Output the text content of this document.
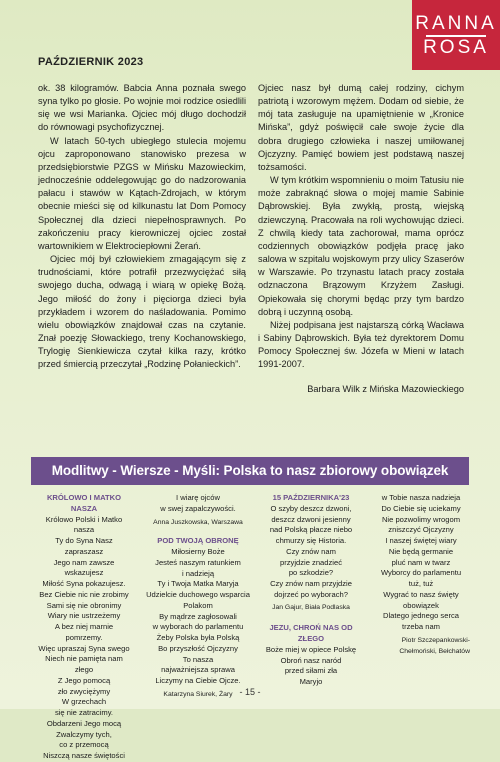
PAŹDZIERNIK 2023
RANNA
ROSA

ok. 38 kilogramów. Babcia Anna poznała swego syna tylko po głosie. Po wojnie moi rodzice osiedlili się we wsi Marianka. Ojciec mój długo dochodził do równowagi psychofizycznej.

W latach 50-tych ubiegłego stulecia mojemu ojcu zaproponowano stanowisko prezesa w przedsiębiorstwie PZGS w Mińsku Mazowieckim, jednocześnie oddelegowując go do nadzorowania pałacu i stawów w Kątach-Zdrojach, w którym obecnie mieści się od kilkunastu lat Dom Pomocy Społecznej dla dzieci niepełnosprawnych. Po zakończeniu pracy kierowniczej ojciec został wartownikiem w Elektrociepłowni Żerań.

Ojciec mój był człowiekiem zmagającym się z trudnościami, które potrafił przezwyciężać siłą swojego ducha, odwagą i wiarą w opiekę Bożą. Jego miłość do żony i pięciorga dzieci była przykładem i wzorem do naśladowania. Pomimo wielu obowiązków znajdował czas na czytanie. Znał poezję Słowackiego, treny Kochanowskiego, Trylogię Sienkiewicza czytał kilka razy, krótko przed śmiercią przeczytał „Rodzinę Połanieckich”.

Ojciec nasz był dumą całej rodziny, cichym patriotą i wzorowym mężem. Dodam od siebie, że mój tata zasługuje na upamiętnienie w „Kronice Mińska”, gdyż poświęcił całe swoje życie dla dobra drugiego człowieka i naszej umiłowanej Ojczyzny. Pamięć bowiem jest podstawą naszej tożsamości.

W tym krótkim wspomnieniu o moim Tatusiu nie może zabraknąć słowa o mojej mamie Sabinie Dąbrowskiej. Była zwykłą, prostą, wiejską dziewczyną. Pracowała na roli wychowując dzieci. Z chwilą kiedy tata zachorował, mama oprócz codziennych obowiązków podjęła pracę jako salowa w szpitalu wojskowym przy ulicy Szaserów w Warszawie. Po trzynastu latach pracy została odznaczona Brązowym Krzyżem Zasługi. Opiekowała się chorymi będąc przy tym bardzo dobrą i uczynną osobą.

Niżej podpisana jest najstarszą córką Wacława i Sabiny Dąbrowskich. Była też dyrektorem Domu Pomocy Społecznej św. Józefa w Mieni w latach 1991-2007.

Barbara Wilk z Mińska Mazowieckiego

Modlitwy - Wiersze - Myśli: Polska to nasz zbiorowy obowiązek

KRÓLOWO I MATKO NASZA

Królowo Polski i Matko nasza

Ty do Syna Nasz zapraszasz

Jego nam zawsze wskazujesz

Miłość Syna pokazujesz.

Bez Ciebie nic nie zrobimy

Sami się nie obronimy

Wiary nie ustrzeżemy

A bez niej marnie pomrzemy.

Więc upraszaj Syna swego

Niech nie pamięta nam złego

Z Jego pomocą

zło zwyciężymy

W grzechach

się nie zatracimy.

Obdarzeni Jego mocą

Zwalczymy tych,

co z przemocą

Niszczą nasze świętości

I wiarę ojców

w swej zapalczywości.

Anna Juszkowska, Warszawa

POD TWOJĄ OBRONĘ

Miłosierny Boże

Jesteś naszym ratunkiem

i nadzieją

Ty i Twoja Matka Maryja

Udzielcie duchowego wsparcia

Polakom

By mądrze zagłosowali

w wyborach do parlamentu

Żeby Polska była Polską

Bo przyszłość Ojczyzny

To nasza

najważniejsza sprawa

Liczymy na Ciebie Ojcze.

Katarzyna Siurek, Żary

15 PAŹDZIERNIKA'23

O szyby deszcz dzwoni,

deszcz dzwoni jesienny

nad Polską płacze niebo

chmurzy się Historia.

Czy znów nam

przyjdzie znadzieć

po szkodzie?

Czy znów nam przyjdzie

dojrzeć po wyborach?

Jan Gajur, Biała Podlaska

JEZU, CHROŃ NAS OD ZŁEGO

Boże miej w opiece Polskę

Obroń nasz naród

przed siłami zła

Maryjo

w Tobie nasza nadzieja

Do Ciebie się uciekamy

Nie pozwolimy wrogom

zniszczyć Ojczyzny

I naszej świętej wiary

Nie będą germanie

pluć nam w twarz

Wyborcy do parlamentu

tuż, tuż

Wygrać to nasz święty

obowiązek

Dlatego jednego serca

trzeba nam

Piotr Szczepankowski-Chełmoński, Bełchatów

- 15 -
